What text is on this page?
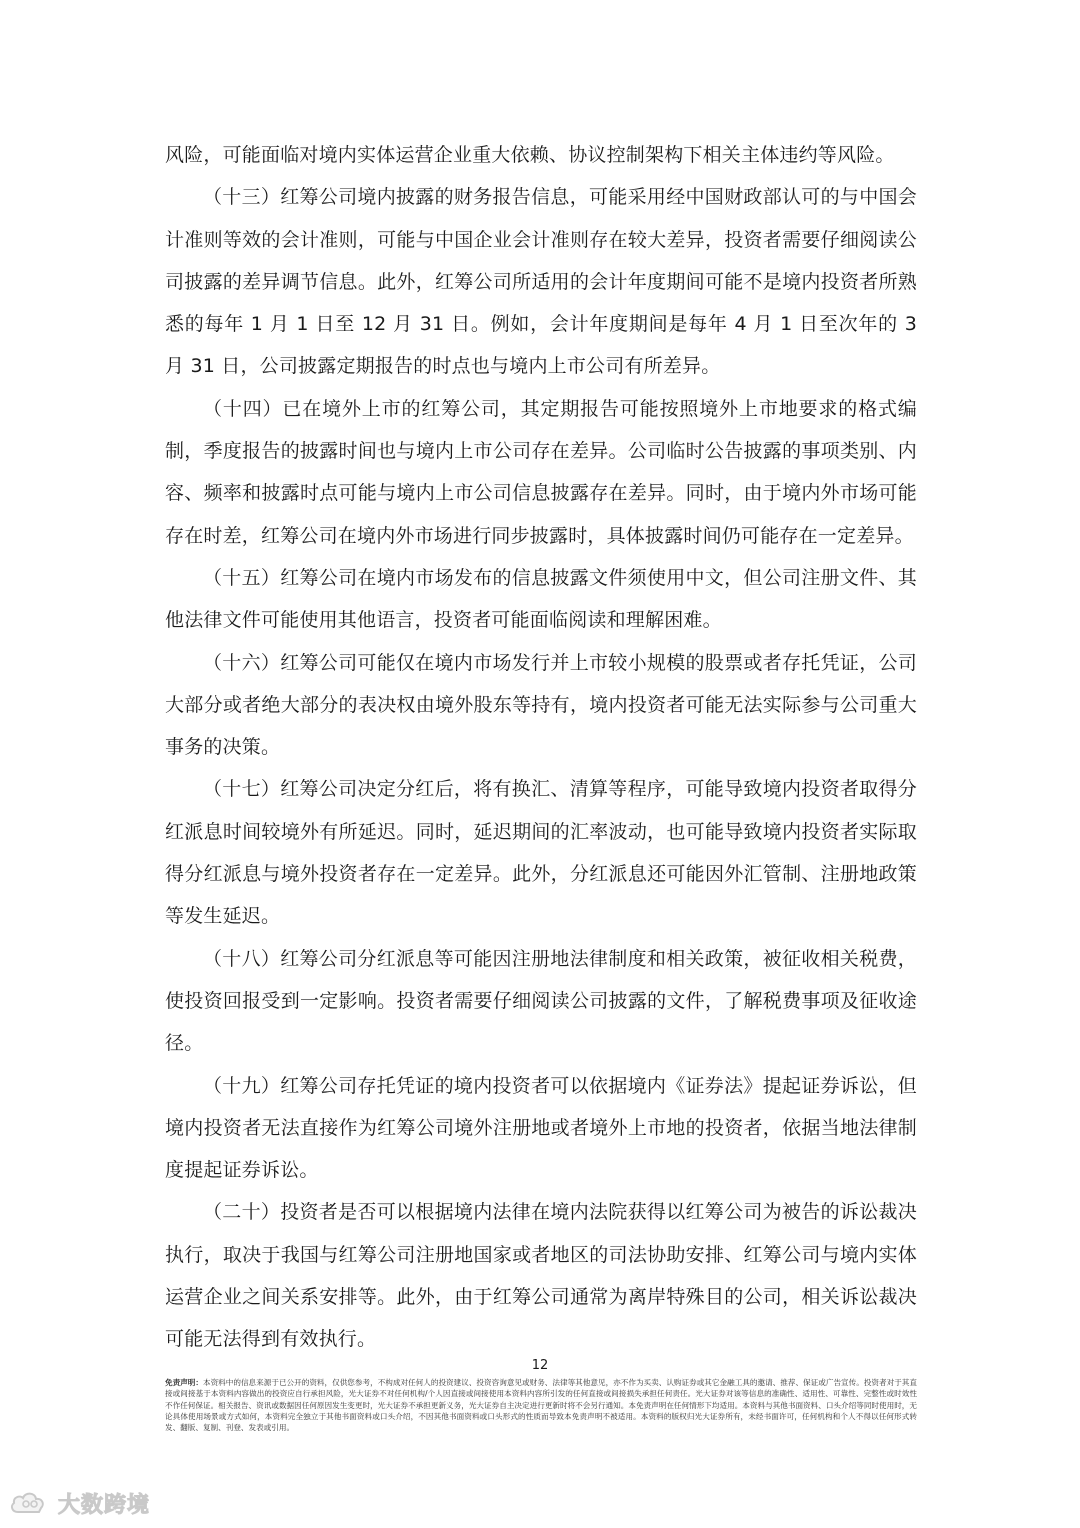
风险，可能面临对境内实体运营企业重大依赖、协议控制架构下相关主体违约等风险。

（十三）红筹公司境内披露的财务报告信息，可能采用经中国财政部认可的与中国会计准则等效的会计准则，可能与中国企业会计准则存在较大差异，投资者需要仔细阅读公司披露的差异调节信息。此外，红筹公司所适用的会计年度期间可能不是境内投资者所熟悉的每年 1 月 1 日至 12 月 31 日。例如，会计年度期间是每年 4 月 1 日至次年的 3 月 31 日，公司披露定期报告的时点也与境内上市公司有所差异。

（十四）已在境外上市的红筹公司，其定期报告可能按照境外上市地要求的格式编制，季度报告的披露时间也与境内上市公司存在差异。公司临时公告披露的事项类别、内容、频率和披露时点可能与境内上市公司信息披露存在差异。同时，由于境内外市场可能存在时差，红筹公司在境内外市场进行同步披露时，具体披露时间仍可能存在一定差异。

（十五）红筹公司在境内市场发布的信息披露文件须使用中文，但公司注册文件、其他法律文件可能使用其他语言，投资者可能面临阅读和理解困难。

（十六）红筹公司可能仅在境内市场发行并上市较小规模的股票或者存托凭证，公司大部分或者绝大部分的表决权由境外股东等持有，境内投资者可能无法实际参与公司重大事务的决策。

（十七）红筹公司决定分红后，将有换汇、清算等程序，可能导致境内投资者取得分红派息时间较境外有所延迟。同时，延迟期间的汇率波动，也可能导致境内投资者实际取得分红派息与境外投资者存在一定差异。此外，分红派息还可能因外汇管制、注册地政策等发生延迟。

（十八）红筹公司分红派息等可能因注册地法律制度和相关政策，被征收相关税费，使投资回报受到一定影响。投资者需要仔细阅读公司披露的文件，了解税费事项及征收途径。

（十九）红筹公司存托凭证的境内投资者可以依据境内《证券法》提起证券诉讼，但境内投资者无法直接作为红筹公司境外注册地或者境外上市地的投资者，依据当地法律制度提起证券诉讼。

（二十）投资者是否可以根据境内法律在境内法院获得以红筹公司为被告的诉讼裁决执行，取决于我国与红筹公司注册地国家或者地区的司法协助安排、红筹公司与境内实体运营企业之间关系安排等。此外，由于红筹公司通常为离岸特殊目的公司，相关诉讼裁决可能无法得到有效执行。

12
免责声明：本资料中的信息来源于已公开的资料，仅供您参考，不构成对任何人的投资建议、投资咨询意见或财务、法律等其他意见，亦不作为买卖、认购证券或其它金融工具的邀请、推荐、保证或广告宣传。投资者对于其直接或间接基于本资料内容做出的投资应自行承担风险，光大证券不对任何机构/个人因直接或间接使用本资料内容所引发的任何直接或间接损失承担任何责任。光大证券对该等信息的准确性、适用性、可靠性、完整性或时效性不作任何保证。相关报告、资讯或数据因任何原因发生变更时，光大证券不承担更新义务，光大证券自主决定进行更新时将不会另行通知。本免责声明在任何情形下均适用。本资料与其他书面资料、口头介绍等同时使用时，无论具体使用场景或方式如何，本资料完全独立于其他书面资料或口头介绍，不因其他书面资料或口头形式的性质而导致本免责声明不被适用。本资料的版权归光大证券所有，未经书面许可，任何机构和个人不得以任何形式转发、翻版、复制、刊登、发表或引用。
大数跨境
